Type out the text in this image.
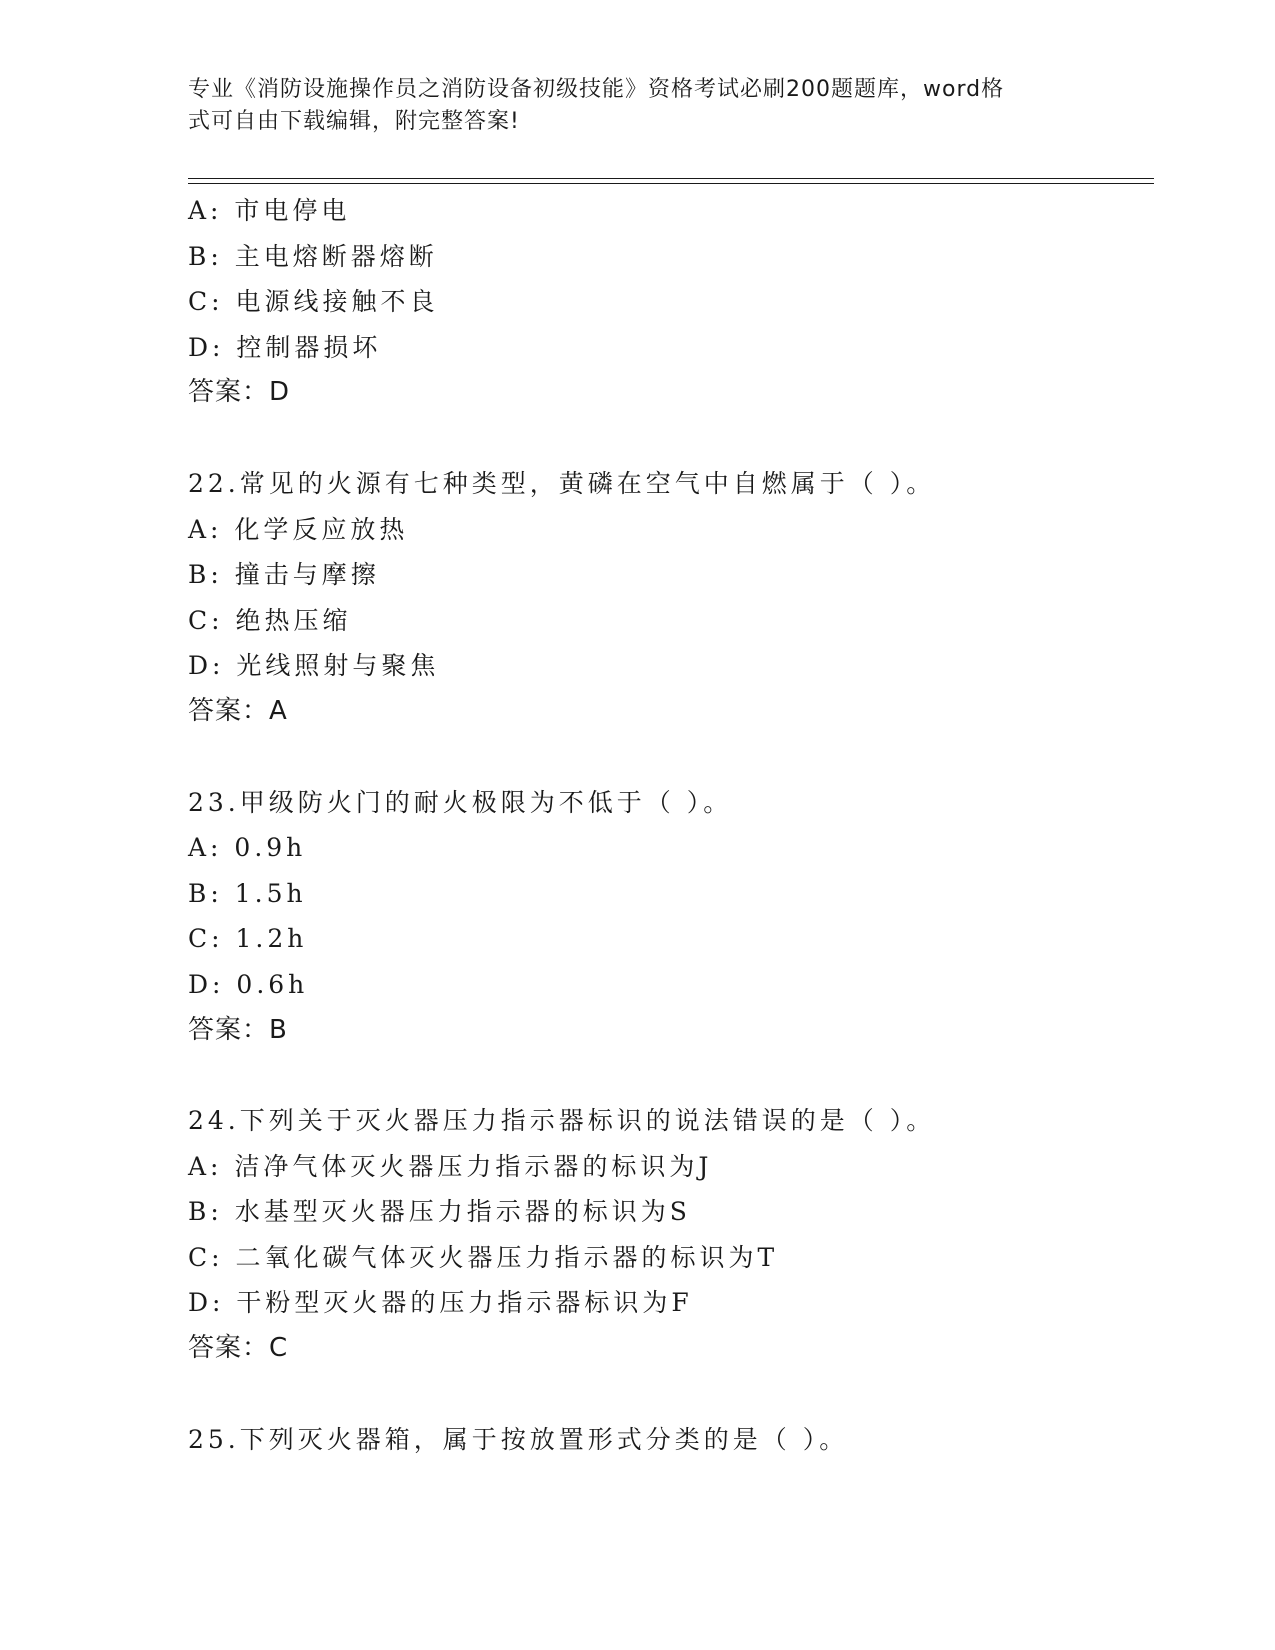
专业《消防设施操作员之消防设备初级技能》资格考试必刷200题题库，word格
式可自由下载编辑，附完整答案!
A: 市电停电
B: 主电熔断器熔断
C: 电源线接触不良
D: 控制器损坏
答案：D
22.常见的火源有七种类型，黄磷在空气中自燃属于（ ）。
A: 化学反应放热
B: 撞击与摩擦
C: 绝热压缩
D: 光线照射与聚焦
答案：A
23.甲级防火门的耐火极限为不低于（ ）。
A: 0.9h
B: 1.5h
C: 1.2h
D: 0.6h
答案：B
24.下列关于灭火器压力指示器标识的说法错误的是（ ）。
A: 洁净气体灭火器压力指示器的标识为J
B: 水基型灭火器压力指示器的标识为S
C: 二氧化碳气体灭火器压力指示器的标识为T
D: 干粉型灭火器的压力指示器标识为F
答案：C
25.下列灭火器箱，属于按放置形式分类的是（ ）。
